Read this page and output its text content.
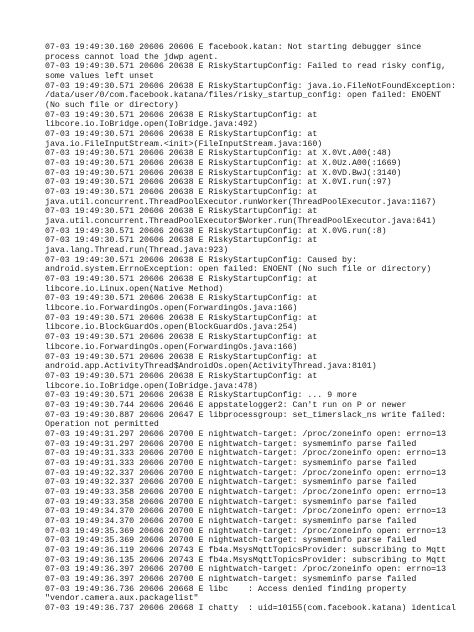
07-03 19:49:30.160 20606 20606 E facebook.katan: Not starting debugger since
process cannot load the jdwp agent.
07-03 19:49:30.571 20606 20638 E RiskyStartupConfig: Failed to read risky config,
some values left unset
07-03 19:49:30.571 20606 20638 E RiskyStartupConfig: java.io.FileNotFoundException:
/data/user/0/com.facebook.katana/files/risky_startup_config: open failed: ENOENT
(No such file or directory)
07-03 19:49:30.571 20606 20638 E RiskyStartupConfig: at
libcore.io.IoBridge.open(IoBridge.java:492)
07-03 19:49:30.571 20606 20638 E RiskyStartupConfig: at
java.io.FileInputStream.<init>(FileInputStream.java:160)
07-03 19:49:30.571 20606 20638 E RiskyStartupConfig: at X.0Vt.A00(:48)
07-03 19:49:30.571 20606 20638 E RiskyStartupConfig: at X.0Uz.A00(:1669)
07-03 19:49:30.571 20606 20638 E RiskyStartupConfig: at X.0VD.BwJ(:3140)
07-03 19:49:30.571 20606 20638 E RiskyStartupConfig: at X.0VI.run(:97)
07-03 19:49:30.571 20606 20638 E RiskyStartupConfig: at
java.util.concurrent.ThreadPoolExecutor.runWorker(ThreadPoolExecutor.java:1167)
07-03 19:49:30.571 20606 20638 E RiskyStartupConfig: at
java.util.concurrent.ThreadPoolExecutor$Worker.run(ThreadPoolExecutor.java:641)
07-03 19:49:30.571 20606 20638 E RiskyStartupConfig: at X.0VG.run(:8)
07-03 19:49:30.571 20606 20638 E RiskyStartupConfig: at
java.lang.Thread.run(Thread.java:923)
07-03 19:49:30.571 20606 20638 E RiskyStartupConfig: Caused by:
android.system.ErrnoException: open failed: ENOENT (No such file or directory)
07-03 19:49:30.571 20606 20638 E RiskyStartupConfig: at
libcore.io.Linux.open(Native Method)
07-03 19:49:30.571 20606 20638 E RiskyStartupConfig: at
libcore.io.ForwardingOs.open(ForwardingOs.java:166)
07-03 19:49:30.571 20606 20638 E RiskyStartupConfig: at
libcore.io.BlockGuardOs.open(BlockGuardOs.java:254)
07-03 19:49:30.571 20606 20638 E RiskyStartupConfig: at
libcore.io.ForwardingOs.open(ForwardingOs.java:166)
07-03 19:49:30.571 20606 20638 E RiskyStartupConfig: at
android.app.ActivityThread$AndroidOs.open(ActivityThread.java:8101)
07-03 19:49:30.571 20606 20638 E RiskyStartupConfig: at
libcore.io.IoBridge.open(IoBridge.java:478)
07-03 19:49:30.571 20606 20638 E RiskyStartupConfig: ... 9 more
07-03 19:49:30.744 20606 20646 E appstatelogger2: Can't run on P or newer
07-03 19:49:30.887 20606 20647 E libprocessgroup: set_timerslack_ns write failed:
Operation not permitted
07-03 19:49:31.297 20606 20700 E nightwatch-target: /proc/zoneinfo open: errno=13
07-03 19:49:31.297 20606 20700 E nightwatch-target: sysmeminfo parse failed
07-03 19:49:31.333 20606 20700 E nightwatch-target: /proc/zoneinfo open: errno=13
07-03 19:49:31.333 20606 20700 E nightwatch-target: sysmeminfo parse failed
07-03 19:49:32.337 20606 20700 E nightwatch-target: /proc/zoneinfo open: errno=13
07-03 19:49:32.337 20606 20700 E nightwatch-target: sysmeminfo parse failed
07-03 19:49:33.358 20606 20700 E nightwatch-target: /proc/zoneinfo open: errno=13
07-03 19:49:33.358 20606 20700 E nightwatch-target: sysmeminfo parse failed
07-03 19:49:34.370 20606 20700 E nightwatch-target: /proc/zoneinfo open: errno=13
07-03 19:49:34.370 20606 20700 E nightwatch-target: sysmeminfo parse failed
07-03 19:49:35.369 20606 20700 E nightwatch-target: /proc/zoneinfo open: errno=13
07-03 19:49:35.369 20606 20700 E nightwatch-target: sysmeminfo parse failed
07-03 19:49:36.119 20606 20743 E fb4a.MsysMqttTopicsProvider: subscribing to Mqtt
07-03 19:49:36.135 20606 20743 E fb4a.MsysMqttTopicsProvider: subscribing to Mqtt
07-03 19:49:36.397 20606 20700 E nightwatch-target: /proc/zoneinfo open: errno=13
07-03 19:49:36.397 20606 20700 E nightwatch-target: sysmeminfo parse failed
07-03 19:49:36.736 20606 20668 E libc    : Access denied finding property
"vendor.camera.aux.packagelist"
07-03 19:49:36.737 20606 20668 I chatty  : uid=10155(com.facebook.katana) identical
